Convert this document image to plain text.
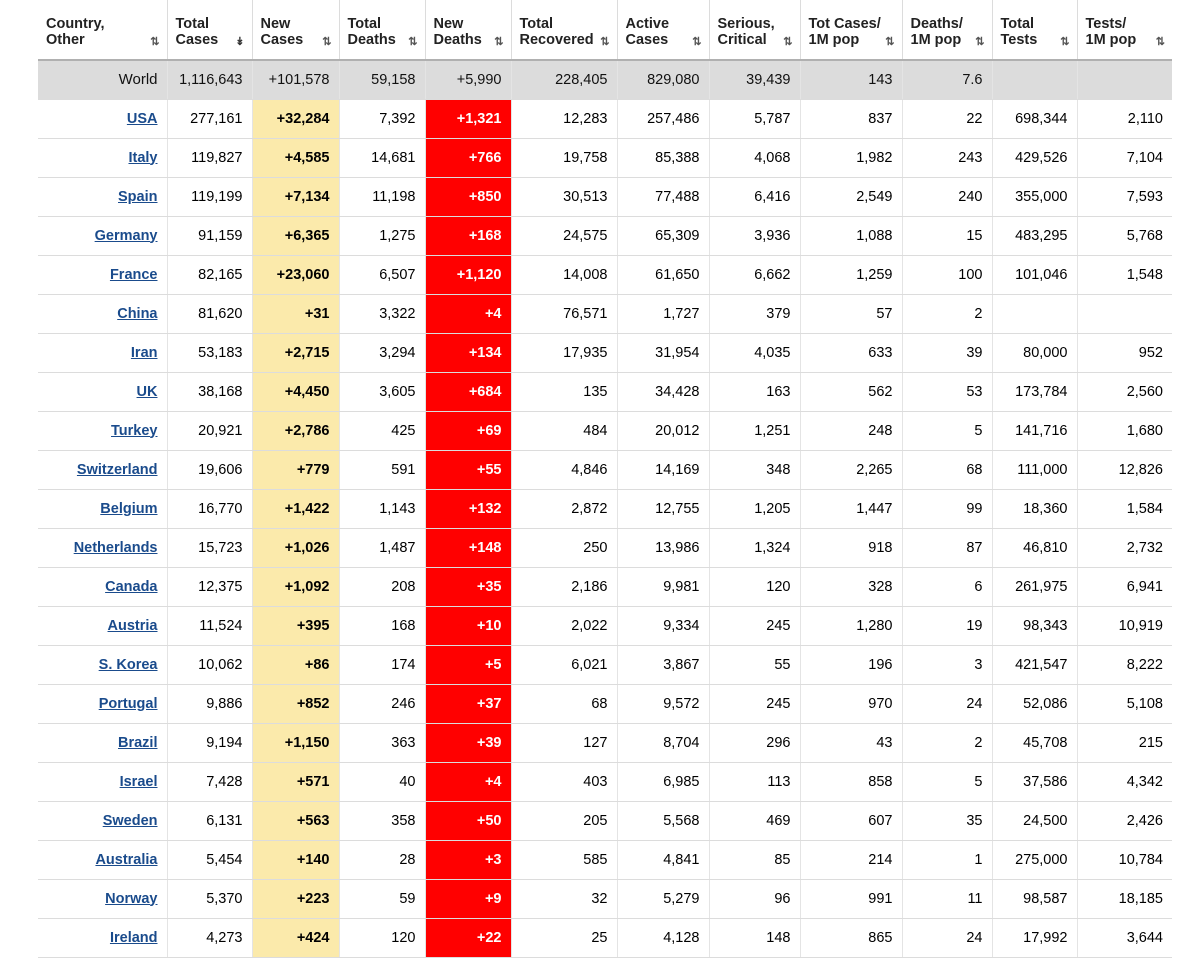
Country,
Other	⇅

Total
Cases ↡

New
Cases ⇅

Total
Deaths ⇅

New
Deaths ⇅

Total
Recovered ⇅

Active
Cases ⇅

Serious,
Critical	⇅

Tot Cases/
1M pop	⇅

Deaths/
1M pop ⇅

Total
Tests ⇅

Tests/
1M pop ⇅

World	1,116,643	+101,578	59,158	+5,990	228,405	829,080	39,439	143	7.6		
USA	277,161	+32,284	7,392	+1,321	12,283	257,486	5,787	837	22	698,344	2,110
Italy	119,827	+4,585	14,681	+766	19,758	85,388	4,068	1,982	243	429,526	7,104
Spain	119,199	+7,134	11,198	+850	30,513	77,488	6,416	2,549	240	355,000	7,593
Germany	91,159	+6,365	1,275	+168	24,575	65,309	3,936	1,088	15	483,295	5,768
France	82,165	+23,060	6,507	+1,120	14,008	61,650	6,662	1,259	100	101,046	1,548
China	81,620	+31	3,322	+4	76,571	1,727	379	57	2		
Iran	53,183	+2,715	3,294	+134	17,935	31,954	4,035	633	39	80,000	952
UK	38,168	+4,450	3,605	+684	135	34,428	163	562	53	173,784	2,560
Turkey	20,921	+2,786	425	+69	484	20,012	1,251	248	5	141,716	1,680
Switzerland	19,606	+779	591	+55	4,846	14,169	348	2,265	68	111,000	12,826
Belgium	16,770	+1,422	1,143	+132	2,872	12,755	1,205	1,447	99	18,360	1,584
Netherlands	15,723	+1,026	1,487	+148	250	13,986	1,324	918	87	46,810	2,732
Canada	12,375	+1,092	208	+35	2,186	9,981	120	328	6	261,975	6,941
Austria	11,524	+395	168	+10	2,022	9,334	245	1,280	19	98,343	10,919
S. Korea	10,062	+86	174	+5	6,021	3,867	55	196	3	421,547	8,222
Portugal	9,886	+852	246	+37	68	9,572	245	970	24	52,086	5,108
Brazil	9,194	+1,150	363	+39	127	8,704	296	43	2	45,708	215
Israel	7,428	+571	40	+4	403	6,985	113	858	5	37,586	4,342
Sweden	6,131	+563	358	+50	205	5,568	469	607	35	24,500	2,426
Australia	5,454	+140	28	+3	585	4,841	85	214	1	275,000	10,784
Norway	5,370	+223	59	+9	32	5,279	96	991	11	98,587	18,185
Ireland	4,273	+424	120	+22	25	4,128	148	865	24	17,992	3,644
